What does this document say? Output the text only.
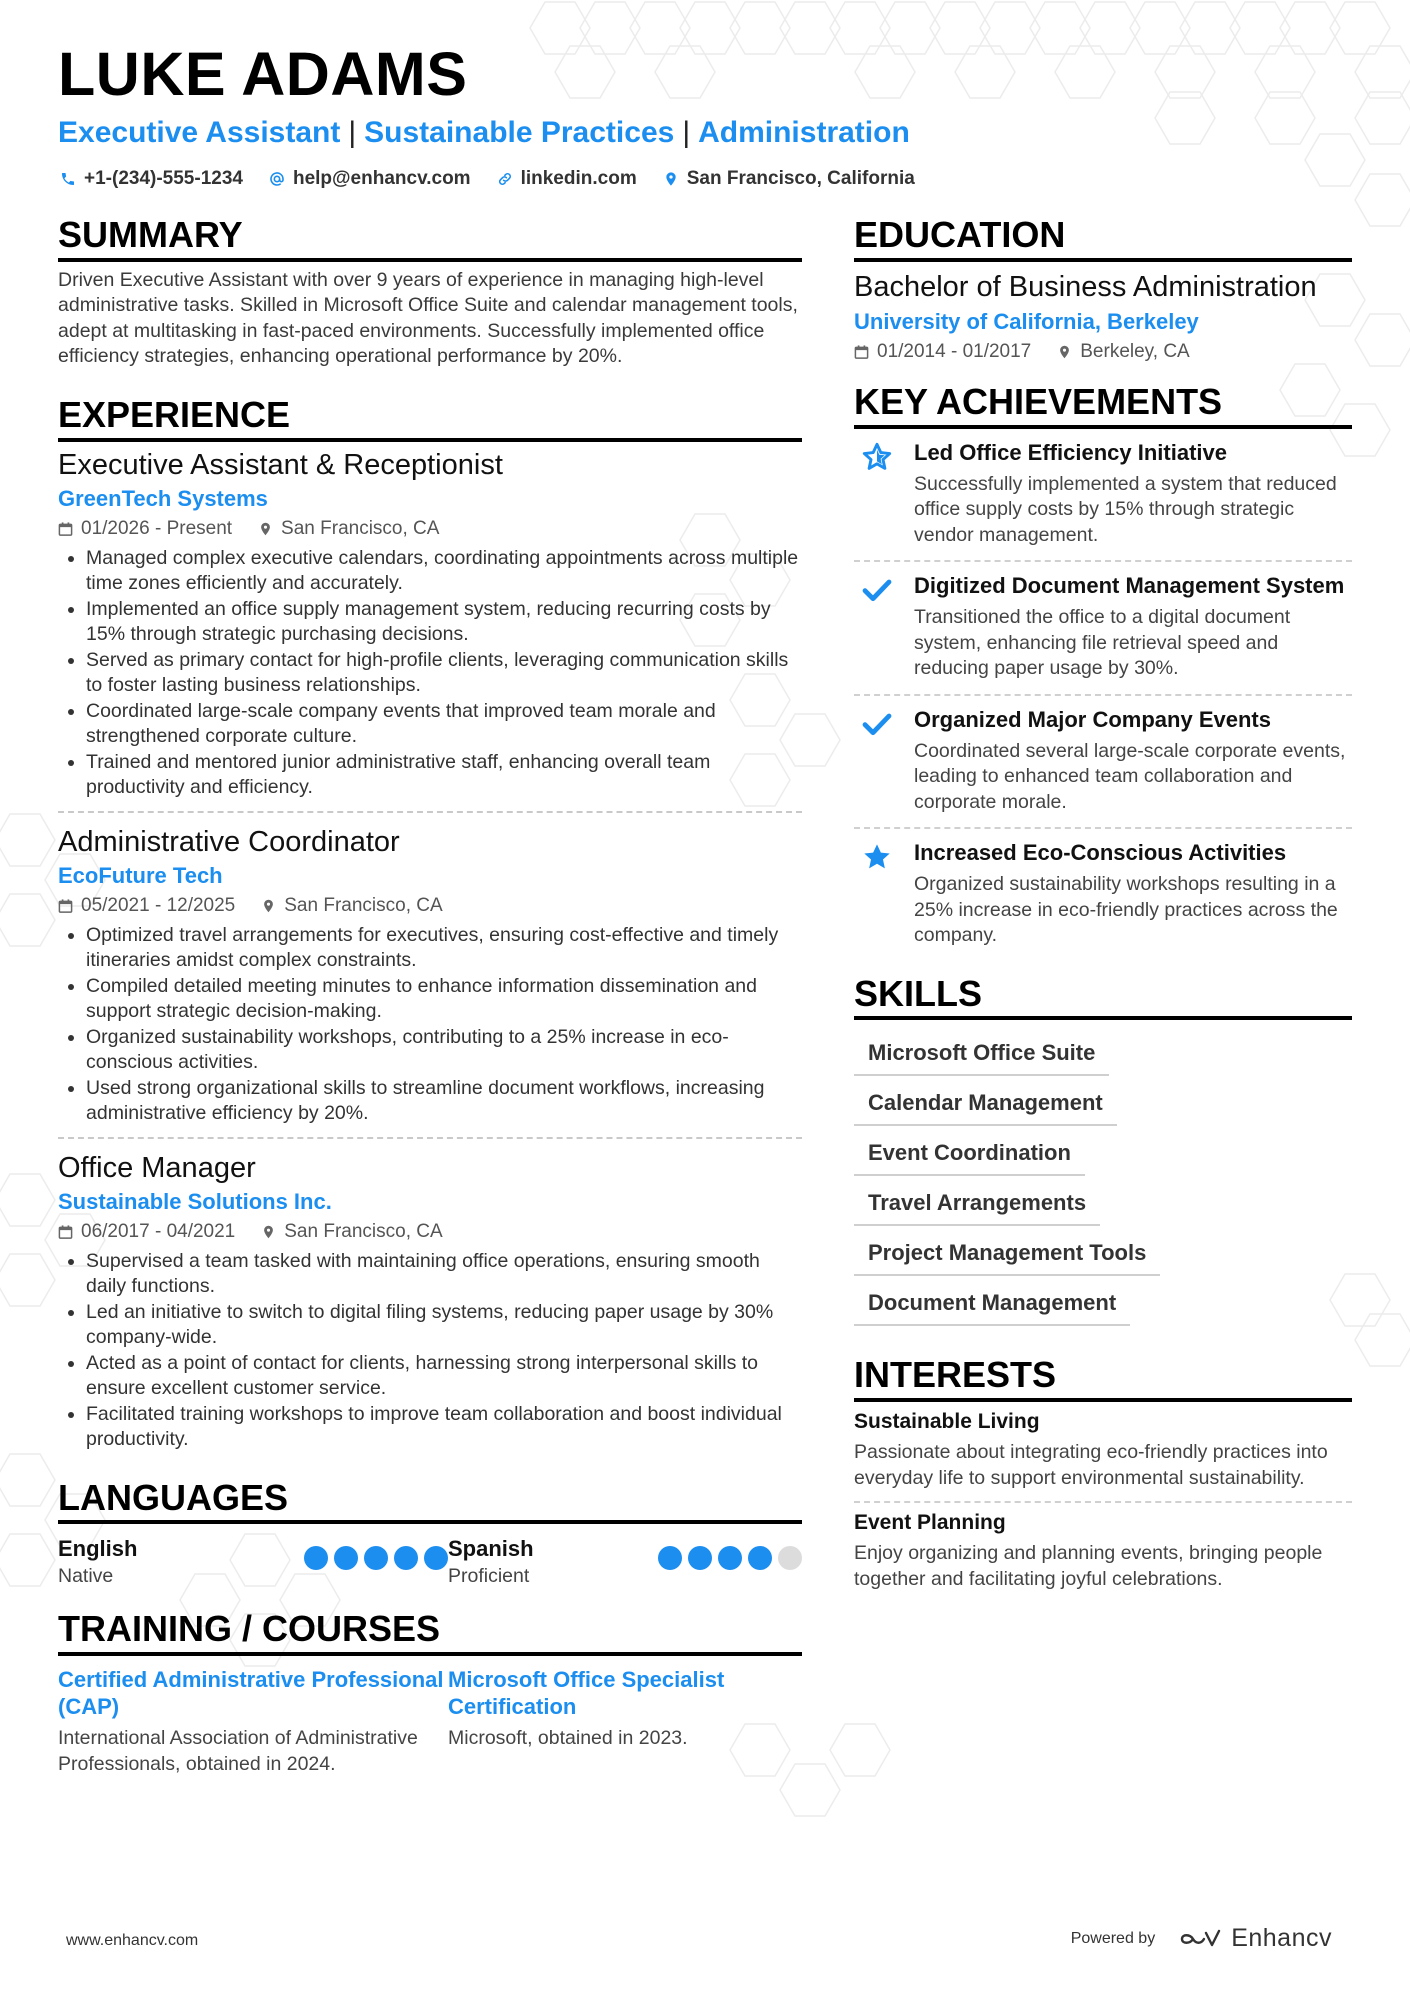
LUKE ADAMS
Executive Assistant | Sustainable Practices | Administration
+1-(234)-555-1234	help@enhancv.com	linkedin.com	San Francisco, California
SUMMARY

Driven Executive Assistant with over 9 years of experience in managing high-level administrative tasks. Skilled in Microsoft Office Suite and calendar management tools, adept at multitasking in fast-paced environments. Successfully implemented office efficiency strategies, enhancing operational performance by 20%.

EXPERIENCE
Executive Assistant & Receptionist
GreenTech Systems
01/2026 - Present	San Francisco, CA
• Managed complex executive calendars, coordinating appointments across multiple time zones efficiently and accurately.
• Implemented an office supply management system, reducing recurring costs by 15% through strategic purchasing decisions.
• Served as primary contact for high-profile clients, leveraging communication skills to foster lasting business relationships.
• Coordinated large-scale company events that improved team morale and strengthened corporate culture.
• Trained and mentored junior administrative staff, enhancing overall team productivity and efficiency.
Administrative Coordinator
EcoFuture Tech
05/2021 - 12/2025	San Francisco, CA
• Optimized travel arrangements for executives, ensuring cost-effective and timely itineraries amidst complex constraints.
• Compiled detailed meeting minutes to enhance information dissemination and support strategic decision-making.
• Organized sustainability workshops, contributing to a 25% increase in eco-conscious activities.
• Used strong organizational skills to streamline document workflows, increasing administrative efficiency by 20%.
Office Manager
Sustainable Solutions Inc.
06/2017 - 04/2021	San Francisco, CA
• Supervised a team tasked with maintaining office operations, ensuring smooth daily functions.
• Led an initiative to switch to digital filing systems, reducing paper usage by 30% company-wide.
• Acted as a point of contact for clients, harnessing strong interpersonal skills to ensure excellent customer service.
• Facilitated training workshops to improve team collaboration and boost individual productivity.
LANGUAGES
English
Native
Spanish
Proficient
TRAINING / COURSES
Certified Administrative Professional (CAP)
International Association of Administrative Professionals, obtained in 2024.
Microsoft Office Specialist Certification
Microsoft, obtained in 2023.
EDUCATION
Bachelor of Business Administration
University of California, Berkeley
01/2014 - 01/2017	Berkeley, CA
KEY ACHIEVEMENTS
Led Office Efficiency Initiative
Successfully implemented a system that reduced office supply costs by 15% through strategic vendor management.
Digitized Document Management System
Transitioned the office to a digital document system, enhancing file retrieval speed and reducing paper usage by 30%.
Organized Major Company Events
Coordinated several large-scale corporate events, leading to enhanced team collaboration and corporate morale.
Increased Eco-Conscious Activities
Organized sustainability workshops resulting in a 25% increase in eco-friendly practices across the company.
SKILLS
Microsoft Office Suite
Calendar Management
Event Coordination
Travel Arrangements
Project Management Tools
Document Management
INTERESTS
Sustainable Living
Passionate about integrating eco-friendly practices into everyday life to support environmental sustainability.
Event Planning
Enjoy organizing and planning events, bringing people together and facilitating joyful celebrations.
www.enhancv.com	Powered by	Enhancv
